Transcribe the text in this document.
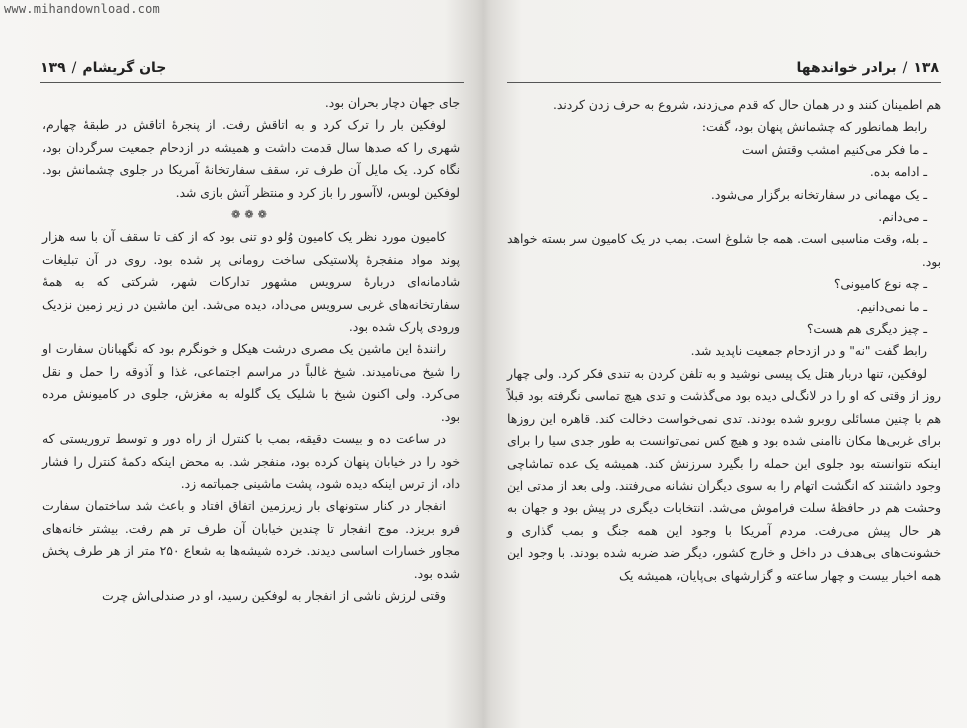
www.mihandownload.com

جان گریشام
/
۱۳۹

جای جهان دچار بحران بود.

لوفکین بار را ترک کرد و به اتاقش رفت. از پنجرهٔ اتاقش در طبقهٔ چهارم، شهری را که صدها سال قدمت داشت و همیشه در ازدحام جمعیت سرگردان بود، نگاه کرد. یک مایل آن طرف تر، سقف سفارتخانهٔ آمریکا در جلوی چشمانش بود. لوفکین لوبس، لاآسور را باز کرد و منتظر آتش بازی شد.

❁❁❁

کامیون مورد نظر یک کامیون وُلو دو تنی بود که از کف تا سقف آن با سه هزار پوند مواد منفجرهٔ پلاستیکی ساخت رومانی پر شده بود. روی در آن تبلیغات شادمانه‌ای دربارهٔ سرویس مشهور تدارکات شهر، شرکتی که به همهٔ سفارتخانه‌های غربی سرویس می‌داد، دیده می‌شد. این ماشین در زیر زمین نزدیک ورودی پارک شده بود.

رانندهٔ این ماشین یک مصری درشت هیکل و خونگرم بود که نگهبانان سفارت او را شیخ می‌نامیدند. شیخ غالباً در مراسم اجتماعی، غذا و آذوقه را حمل و نقل می‌کرد. ولی اکنون شیخ با شلیک یک گلوله به مغزش، جلوی در کامیونش مرده بود.

در ساعت ده و بیست دقیقه، بمب با کنترل از راه دور و توسط تروریستی که خود را در خیابان پنهان کرده بود، منفجر شد. به محض اینکه دکمهٔ کنترل را فشار داد، از ترس اینکه دیده شود، پشت ماشینی جمباتمه زد.

انفجار در کنار ستونهای بار زیرزمین اتفاق افتاد و باعث شد ساختمان سفارت فرو بریزد. موج انفجار تا چندین خیابان آن طرف تر هم رفت. بیشتر خانه‌های مجاور خسارات اساسی دیدند. خرده شیشه‌ها به شعاع ۲۵۰ متر از هر طرف پخش شده بود.

وقتی لرزش ناشی از انفجار به لوفکین رسید، او در صندلی‌اش چرت

۱۳۸
/
برادر خواندهها

هم اطمینان کنند و در همان حال که قدم می‌زدند، شروع به حرف زدن کردند.

رابط همانطور که چشمانش پنهان بود، گفت:

ـ ما فکر می‌کنیم امشب وقتش است

ـ ادامه بده.

ـ یک مهمانی در سفارتخانه برگزار می‌شود.

ـ می‌دانم.

ـ بله، وقت مناسبی است. همه جا شلوغ است. بمب در یک کامیون سر بسته خواهد بود.

ـ چه نوع کامیونی؟

ـ ما نمی‌دانیم.

ـ چیز دیگری هم هست؟

رابط گفت "نه" و در ازدحام جمعیت ناپدید شد.

لوفکین، تنها دربار هتل یک پیسی نوشید و به تلفن کردن به تندی فکر کرد. ولی چهار روز از وقتی که او را در لانگ‌لی دیده بود می‌گذشت و تدی هیچ تماسی نگرفته بود قبلاً هم با چنین مسائلی روبرو شده بودند. تدی نمی‌خواست دخالت کند. قاهره این روزها برای غربی‌ها مکان ناامنی شده بود و هیچ کس نمی‌توانست به طور جدی سیا را برای اینکه نتوانسته بود جلوی این حمله را بگیرد سرزنش کند. همیشه یک عده تماشاچی وجود داشتند که انگشت اتهام را به سوی دیگران نشانه می‌رفتند. ولی بعد از مدتی این وحشت هم در حافظهٔ سلت فراموش می‌شد. انتخابات دیگری در پیش بود و جهان به هر حال پیش می‌رفت. مردم آمریکا با وجود این همه جنگ و بمب گذاری و خشونت‌های بی‌هدف در داخل و خارج کشور، دیگر ضد ضربه شده بودند. با وجود این همه اخبار بیست و چهار ساعته و گزارشهای بی‌پایان، همیشه یک
